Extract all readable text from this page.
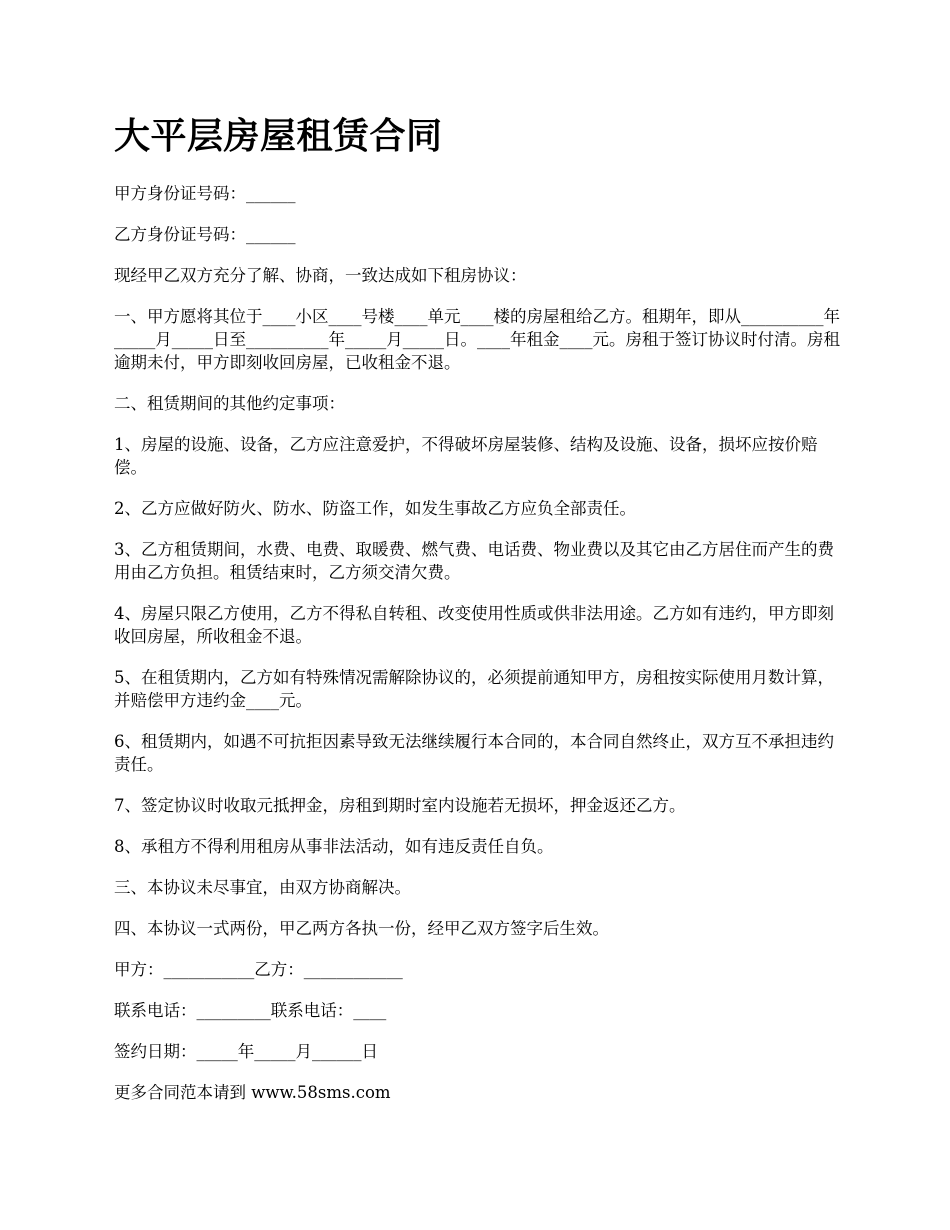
大平层房屋租赁合同

甲方身份证号码：______

乙方身份证号码：______

现经甲乙双方充分了解、协商，一致达成如下租房协议：

一、甲方愿将其位于____小区____号楼____单元____楼的房屋租给乙方。租期年，即从__________年_____月_____日至__________年_____月_____日。____年租金____元。房租于签订协议时付清。房租逾期未付，甲方即刻收回房屋，已收租金不退。

二、租赁期间的其他约定事项：

1、房屋的设施、设备，乙方应注意爱护，不得破坏房屋装修、结构及设施、设备，损坏应按价赔偿。

2、乙方应做好防火、防水、防盗工作，如发生事故乙方应负全部责任。

3、乙方租赁期间，水费、电费、取暖费、燃气费、电话费、物业费以及其它由乙方居住而产生的费用由乙方负担。租赁结束时，乙方须交清欠费。

4、房屋只限乙方使用，乙方不得私自转租、改变使用性质或供非法用途。乙方如有违约，甲方即刻收回房屋，所收租金不退。

5、在租赁期内，乙方如有特殊情况需解除协议的，必须提前通知甲方，房租按实际使用月数计算，并赔偿甲方违约金____元。

6、租赁期内，如遇不可抗拒因素导致无法继续履行本合同的，本合同自然终止，双方互不承担违约责任。

7、签定协议时收取元抵押金，房租到期时室内设施若无损坏，押金返还乙方。

8、承租方不得利用租房从事非法活动，如有违反责任自负。

三、本协议未尽事宜，由双方协商解决。

四、本协议一式两份，甲乙两方各执一份，经甲乙双方签字后生效。

甲方：___________乙方：____________

联系电话：_________联系电话：____

签约日期：_____年_____月______日

更多合同范本请到 www.58sms.com
